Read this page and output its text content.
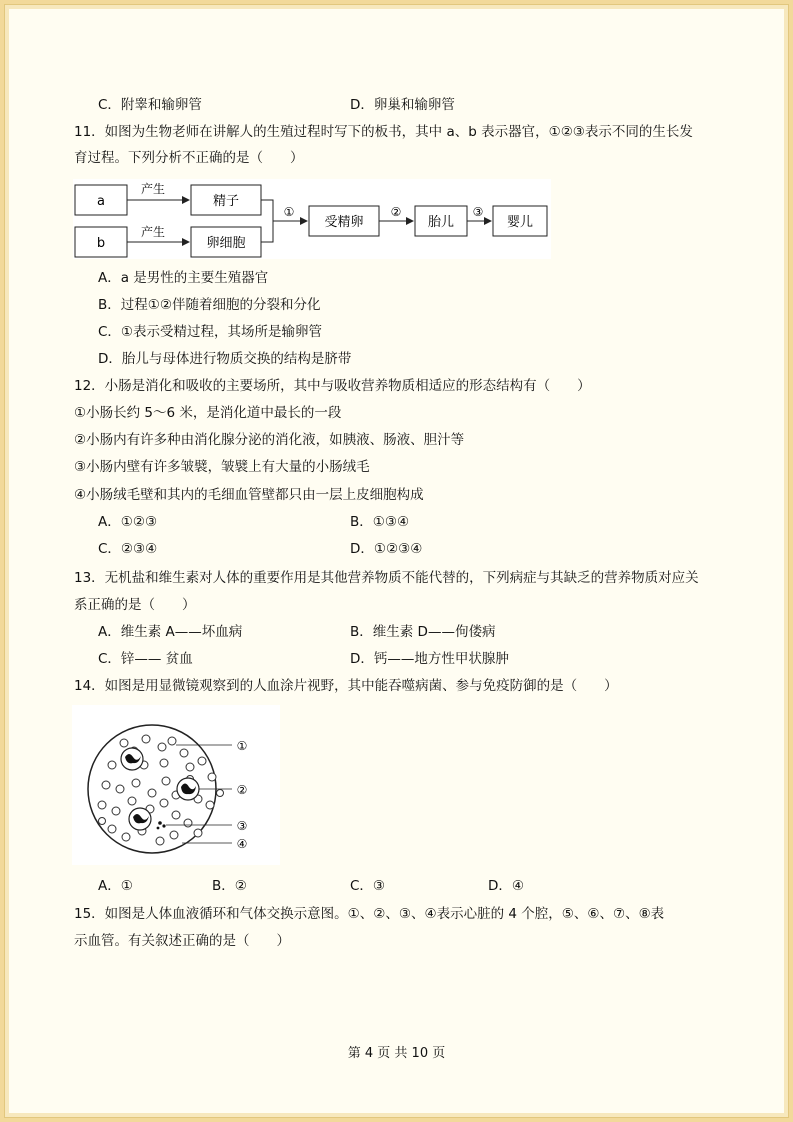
C．附睾和输卵管	D．卵巢和输卵管
11．如图为生物老师在讲解人的生殖过程时写下的板书，其中 a、b 表示器官，①②③表示不同的生长发
育过程。下列分析不正确的是（　　）
a
b
产生
产生
精子
卵细胞
①
受精卵
②
胎儿
③
婴儿
A．a 是男性的主要生殖器官
B．过程①②伴随着细胞的分裂和分化
C．①表示受精过程，其场所是输卵管
D．胎儿与母体进行物质交换的结构是脐带
12．小肠是消化和吸收的主要场所，其中与吸收营养物质相适应的形态结构有（　　）
①小肠长约 5～6 米，是消化道中最长的一段
②小肠内有许多种由消化腺分泌的消化液，如胰液、肠液、胆汁等
③小肠内壁有许多皱襞，皱襞上有大量的小肠绒毛
④小肠绒毛壁和其内的毛细血管壁都只由一层上皮细胞构成
A．①②③	B．①③④
C．②③④	D．①②③④
13．无机盐和维生素对人体的重要作用是其他营养物质不能代替的，下列病症与其缺乏的营养物质对应关
系正确的是（　　）
A．维生素 A——坏血病	B．维生素 D——佝偻病
C．锌—— 贫血	D．钙——地方性甲状腺肿
14．如图是用显微镜观察到的人血涂片视野，其中能吞噬病菌、参与免疫防御的是（　　）
①
②
③
④
A．①	B．②	C．③	D．④
15．如图是人体血液循环和气体交换示意图。①、②、③、④表示心脏的 4 个腔，⑤、⑥、⑦、⑧表
示血管。有关叙述正确的是（　　）
第 4 页 共 10 页
